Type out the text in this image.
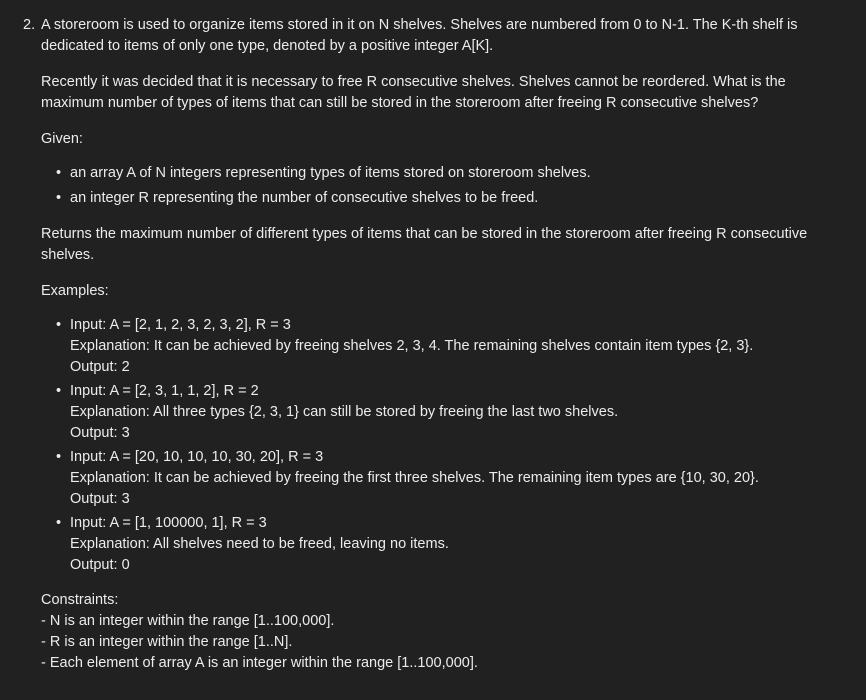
2. A storeroom is used to organize items stored in it on N shelves. Shelves are numbered from 0 to N-1. The K-th shelf is dedicated to items of only one type, denoted by a positive integer A[K].

Recently it was decided that it is necessary to free R consecutive shelves. Shelves cannot be reordered. What is the maximum number of types of items that can still be stored in the storeroom after freeing R consecutive shelves?

Given:

• an array A of N integers representing types of items stored on storeroom shelves.
• an integer R representing the number of consecutive shelves to be freed.

Returns the maximum number of different types of items that can be stored in the storeroom after freeing R consecutive shelves.

Examples:

• Input: A = [2, 1, 2, 3, 2, 3, 2], R = 3
Explanation: It can be achieved by freeing shelves 2, 3, 4. The remaining shelves contain item types {2, 3}.
Output: 2
• Input: A = [2, 3, 1, 1, 2], R = 2
Explanation: All three types {2, 3, 1} can still be stored by freeing the last two shelves.
Output: 3
• Input: A = [20, 10, 10, 10, 30, 20], R = 3
Explanation: It can be achieved by freeing the first three shelves. The remaining item types are {10, 30, 20}.
Output: 3
• Input: A = [1, 100000, 1], R = 3
Explanation: All shelves need to be freed, leaving no items.
Output: 0
Constraints:
- N is an integer within the range [1..100,000].
- R is an integer within the range [1..N].
- Each element of array A is an integer within the range [1..100,000].
